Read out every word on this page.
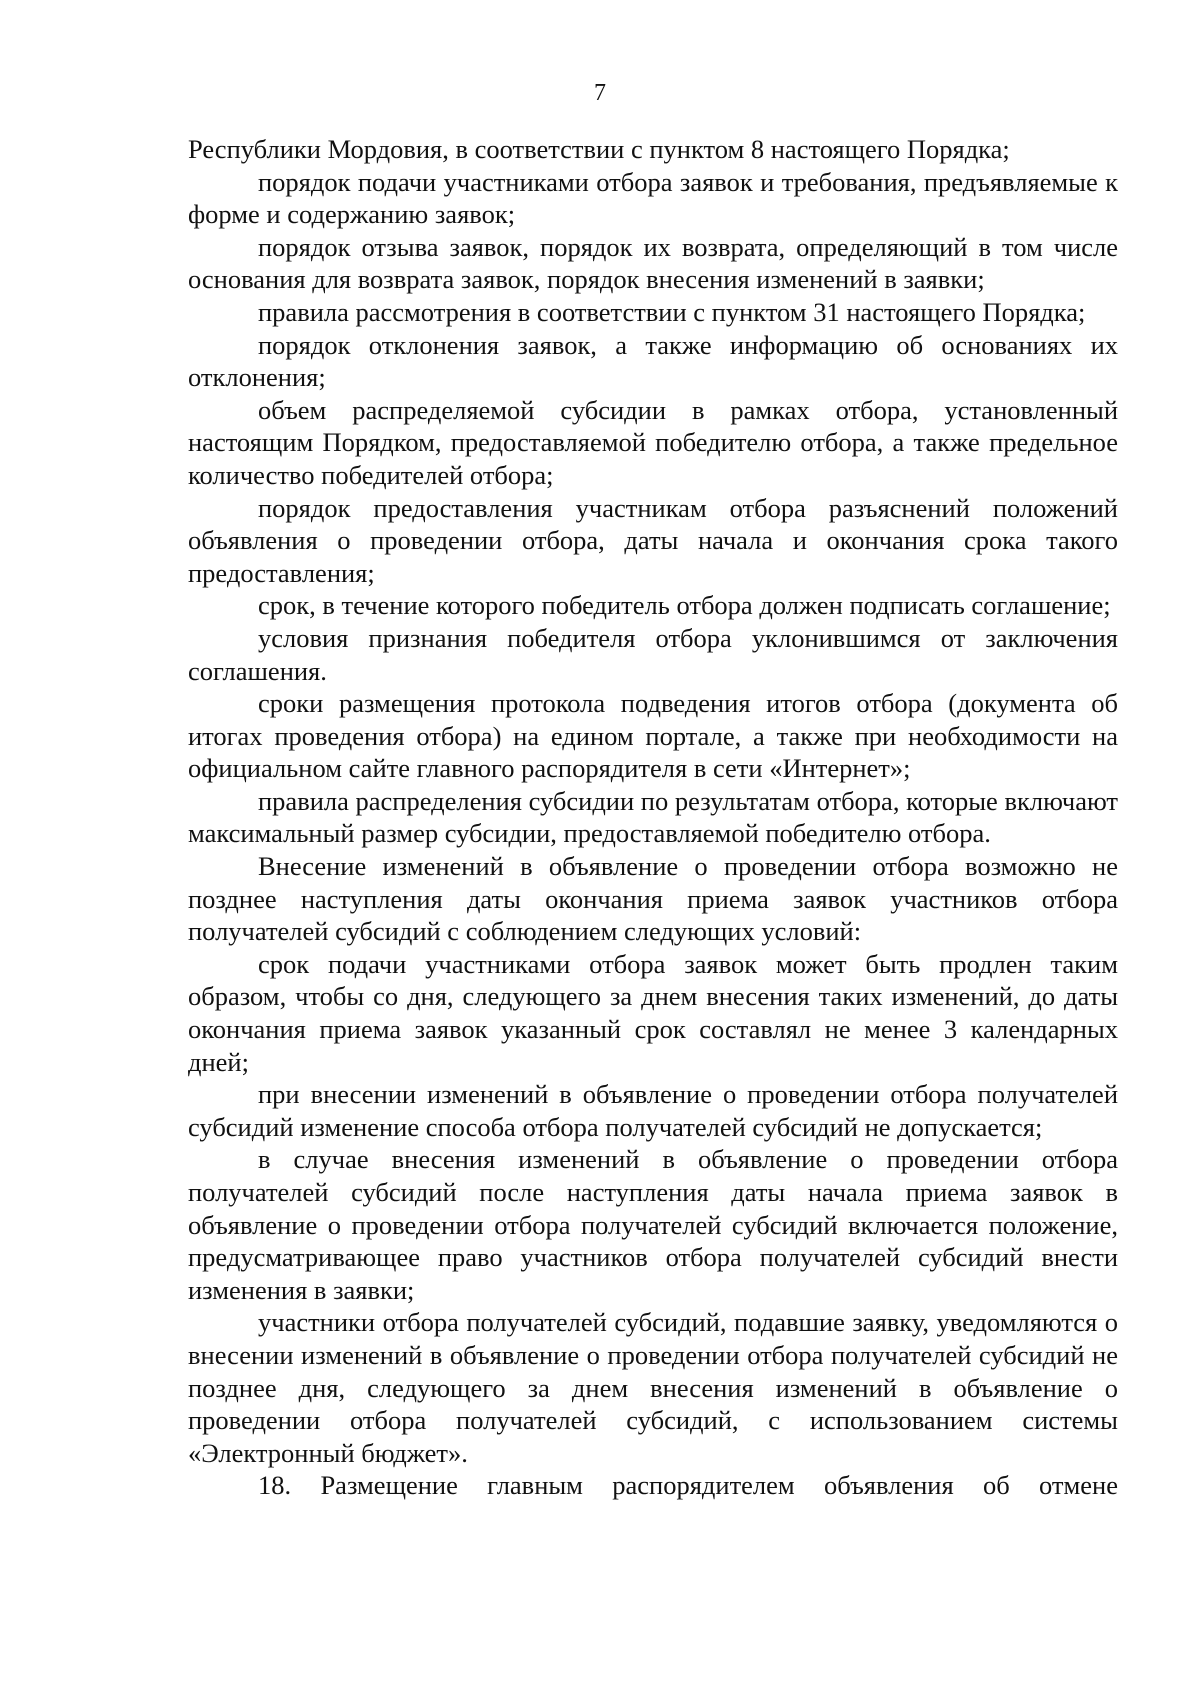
7

Республики Мордовия, в соответствии с пунктом 8 настоящего Порядка;

порядок подачи участниками отбора заявок и требования, предъявляемые к форме и содержанию заявок;

порядок отзыва заявок, порядок их возврата, определяющий в том числе основания для возврата заявок, порядок внесения изменений в заявки;

правила рассмотрения в соответствии с пунктом 31 настоящего Порядка;

порядок отклонения заявок, а также информацию об основаниях их отклонения;

объем распределяемой субсидии в рамках отбора, установленный настоящим Порядком, предоставляемой победителю отбора, а также предельное количество победителей отбора;

порядок предоставления участникам отбора разъяснений положений объявления о проведении отбора, даты начала и окончания срока такого предоставления;

срок, в течение которого победитель отбора должен подписать соглашение;

условия признания победителя отбора уклонившимся от заключения соглашения.

сроки размещения протокола подведения итогов отбора (документа об итогах проведения отбора) на едином портале, а также при необходимости на официальном сайте главного распорядителя в сети «Интернет»;

правила распределения субсидии по результатам отбора, которые включают максимальный размер субсидии, предоставляемой победителю отбора.

Внесение изменений в объявление о проведении отбора возможно не позднее наступления даты окончания приема заявок участников отбора получателей субсидий с соблюдением следующих условий:

срок подачи участниками отбора заявок может быть продлен таким образом, чтобы со дня, следующего за днем внесения таких изменений, до даты окончания приема заявок указанный срок составлял не менее 3 календарных дней;

при внесении изменений в объявление о проведении отбора получателей субсидий изменение способа отбора получателей субсидий не допускается;

в случае внесения изменений в объявление о проведении отбора получателей субсидий после наступления даты начала приема заявок в объявление о проведении отбора получателей субсидий включается положение, предусматривающее право участников отбора получателей субсидий внести изменения в заявки;

участники отбора получателей субсидий, подавшие заявку, уведомляются о внесении изменений в объявление о проведении отбора получателей субсидий не позднее дня, следующего за днем внесения изменений в объявление о проведении отбора получателей субсидий, с использованием системы «Электронный бюджет».

18. Размещение главным распорядителем объявления об отмене
